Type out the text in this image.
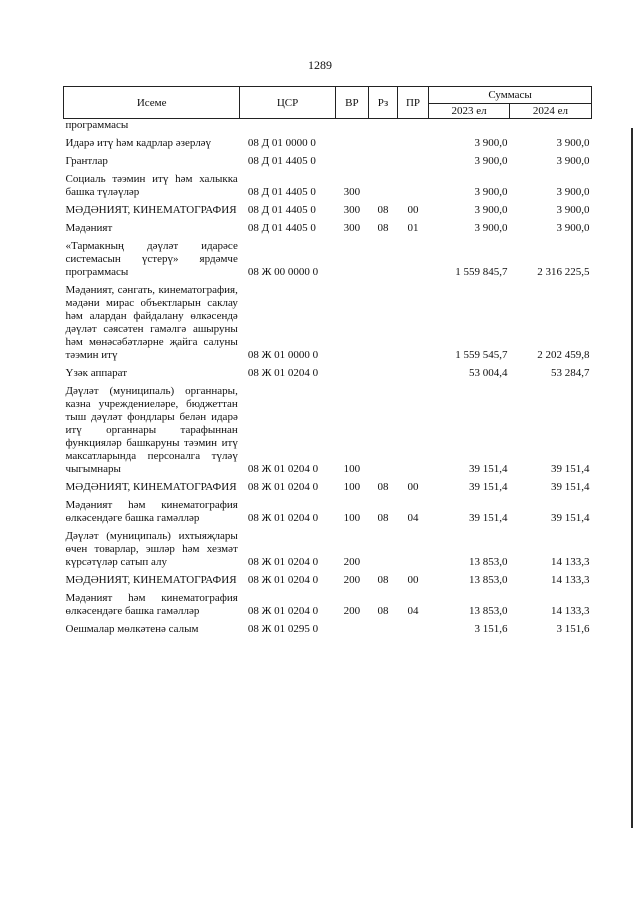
1289
Исеме	ЦСР	ВР	Рз	ПР	Суммасы	
					2023 ел	2024 ел
программасы						
Идарә итү һәм кадрлар әзерләү	08 Д 01 0000 0				3 900,0	3 900,0
Грантлар	08 Д 01 4405 0				3 900,0	3 900,0
Социаль тәэмин итү һәм халыкка башка түләүләр	08 Д 01 4405 0	300			3 900,0	3 900,0
МӘДӘНИЯТ, КИНЕМАТОГРАФИЯ	08 Д 01 4405 0	300	08	00	3 900,0	3 900,0
Мәдәният	08 Д 01 4405 0	300	08	01	3 900,0	3 900,0
«Тармакның дәүләт идарәсе системасын үстерү» ярдәмче программасы	08 Ж 00 0000 0				1 559 845,7	2 316 225,5
Мәдәният, сәнгать, кинематография, мәдәни мирас объектларын саклау һәм алардан файдалану өлкәсендә дәүләт сәясәтен гамәлгә ашыруны һәм мөнәсәбәтләрне җайга салуны тәэмин итү	08 Ж 01 0000 0				1 559 545,7	2 202 459,8
Үзәк аппарат	08 Ж 01 0204 0				53 004,4	53 284,7
Дәүләт (муниципаль) органнары, казна учреждениеләре, бюджеттан тыш дәүләт фондлары белән идарә итү органнары тарафыннан функцияләр башкаруны тәэмин итү максатларында персоналга түләү чыгымнары	08 Ж 01 0204 0	100			39 151,4	39 151,4
МӘДӘНИЯТ, КИНЕМАТОГРАФИЯ	08 Ж 01 0204 0	100	08	00	39 151,4	39 151,4
Мәдәният һәм кинематография өлкәсендәге башка гамәлләр	08 Ж 01 0204 0	100	08	04	39 151,4	39 151,4
Дәүләт (муниципаль) ихтыяҗлары өчен товарлар, эшләр һәм хезмәт күрсәтүләр сатып алу	08 Ж 01 0204 0	200			13 853,0	14 133,3
МӘДӘНИЯТ, КИНЕМАТОГРАФИЯ	08 Ж 01 0204 0	200	08	00	13 853,0	14 133,3
Мәдәният һәм кинематография өлкәсендәге башка гамәлләр	08 Ж 01 0204 0	200	08	04	13 853,0	14 133,3
Оешмалар мөлкәтенә салым	08 Ж 01 0295 0				3 151,6	3 151,6
